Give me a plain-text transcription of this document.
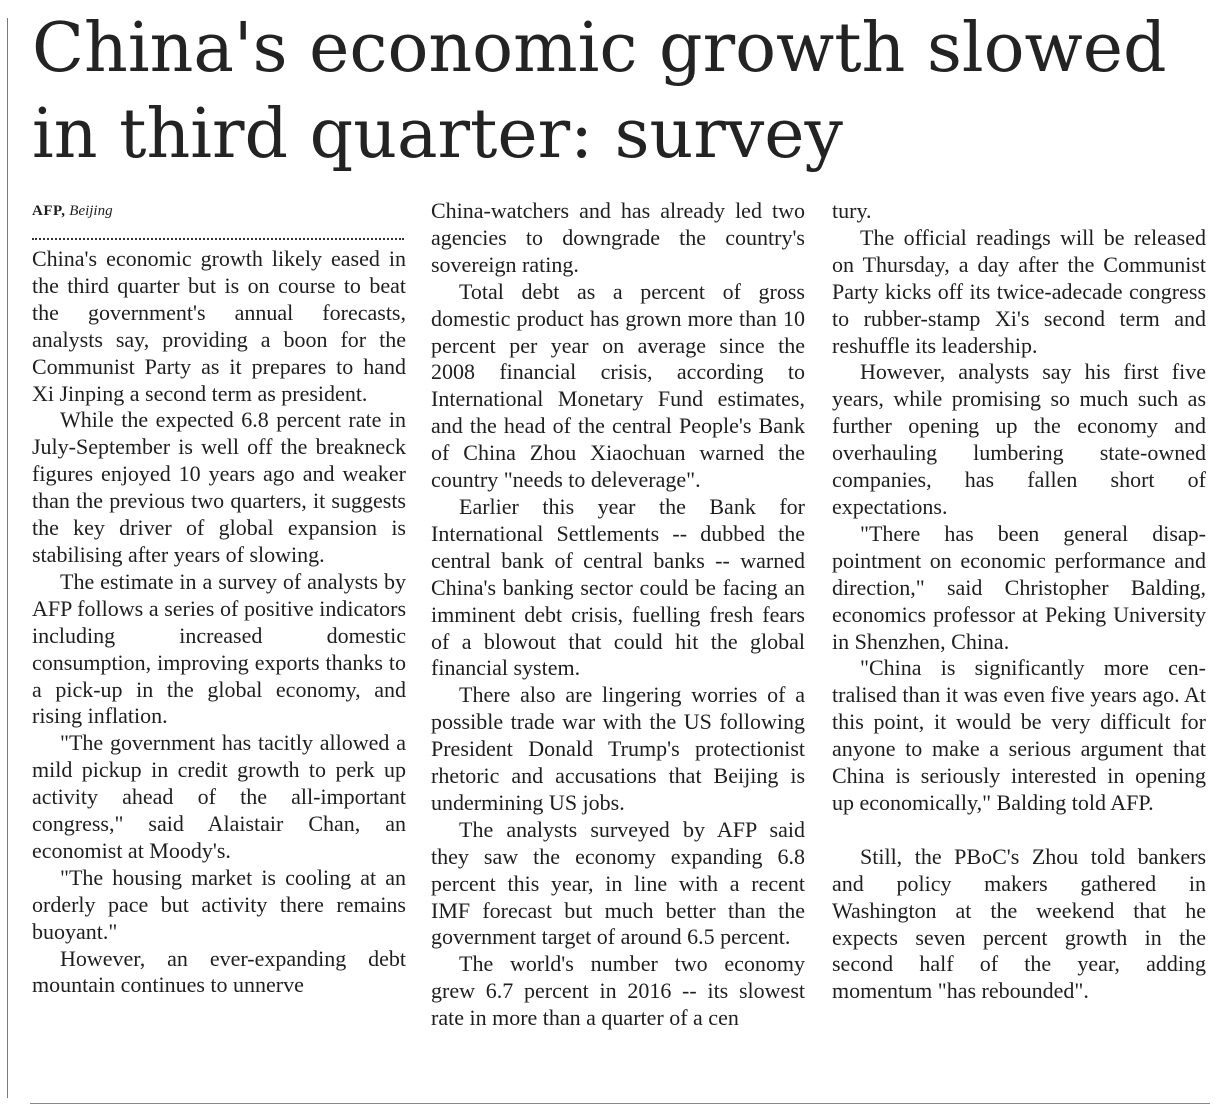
China's economic growth slowed in third quarter: survey
AFP, Beijing

China's economic growth likely eased in the third quarter but is on course to beat the government's annual forecasts, analysts say, providing a boon for the Communist Party as it prepares to hand Xi Jinping a second term as president.

While the expected 6.8 percent rate in July-September is well off the breakneck figures enjoyed 10 years ago and weaker than the previous two quarters, it suggests the key driver of global expansion is stabilising after years of slowing.

The estimate in a survey of analysts by AFP follows a series of positive indicators including increased domestic consumption, improving exports thanks to a pick-up in the global economy, and rising inflation.

"The government has tacitly allowed a mild pickup in credit growth to perk up activity ahead of the all-important congress," said Alaistair Chan, an economist at Moody's.

"The housing market is cooling at an orderly pace but activity there remains buoyant."

However, an ever-expanding debt mountain continues to unnerve

China-watchers and has already led two agencies to downgrade the country's sovereign rating.

Total debt as a percent of gross domestic product has grown more than 10 percent per year on average since the 2008 financial crisis, according to International Monetary Fund estimates, and the head of the central People's Bank of China Zhou Xiaochuan warned the country "needs to deleverage".

Earlier this year the Bank for International Settlements -- dubbed the central bank of central banks -- warned China's banking sector could be facing an imminent debt crisis, fuelling fresh fears of a blowout that could hit the global financial system.

There also are lingering worries of a possible trade war with the US following President Donald Trump's protectionist rhetoric and accusations that Beijing is undermining US jobs.

The analysts surveyed by AFP said they saw the economy expanding 6.8 percent this year, in line with a recent IMF forecast but much better than the government target of around 6.5 percent.

The world's number two economy grew 6.7 percent in 2016 -- its slowest rate in more than a quarter of a cen

tury.

The official readings will be released on Thursday, a day after the Communist Party kicks off its twice-adecade congress to rubber-stamp Xi's second term and reshuffle its leadership.

However, analysts say his first five years, while promising so much such as further opening up the economy and overhauling lumbering state-owned companies, has fallen short of expectations.

"There has been general disappointment on economic performance and direction," said Christopher Balding, economics professor at Peking University in Shenzhen, China.

"China is significantly more centralised than it was even five years ago. At this point, it would be very difficult for anyone to make a serious argument that China is seriously interested in opening up economically," Balding told AFP.

Still, the PBoC's Zhou told bankers and policy makers gathered in Washington at the weekend that he expects seven percent growth in the second half of the year, adding momentum "has rebounded".
